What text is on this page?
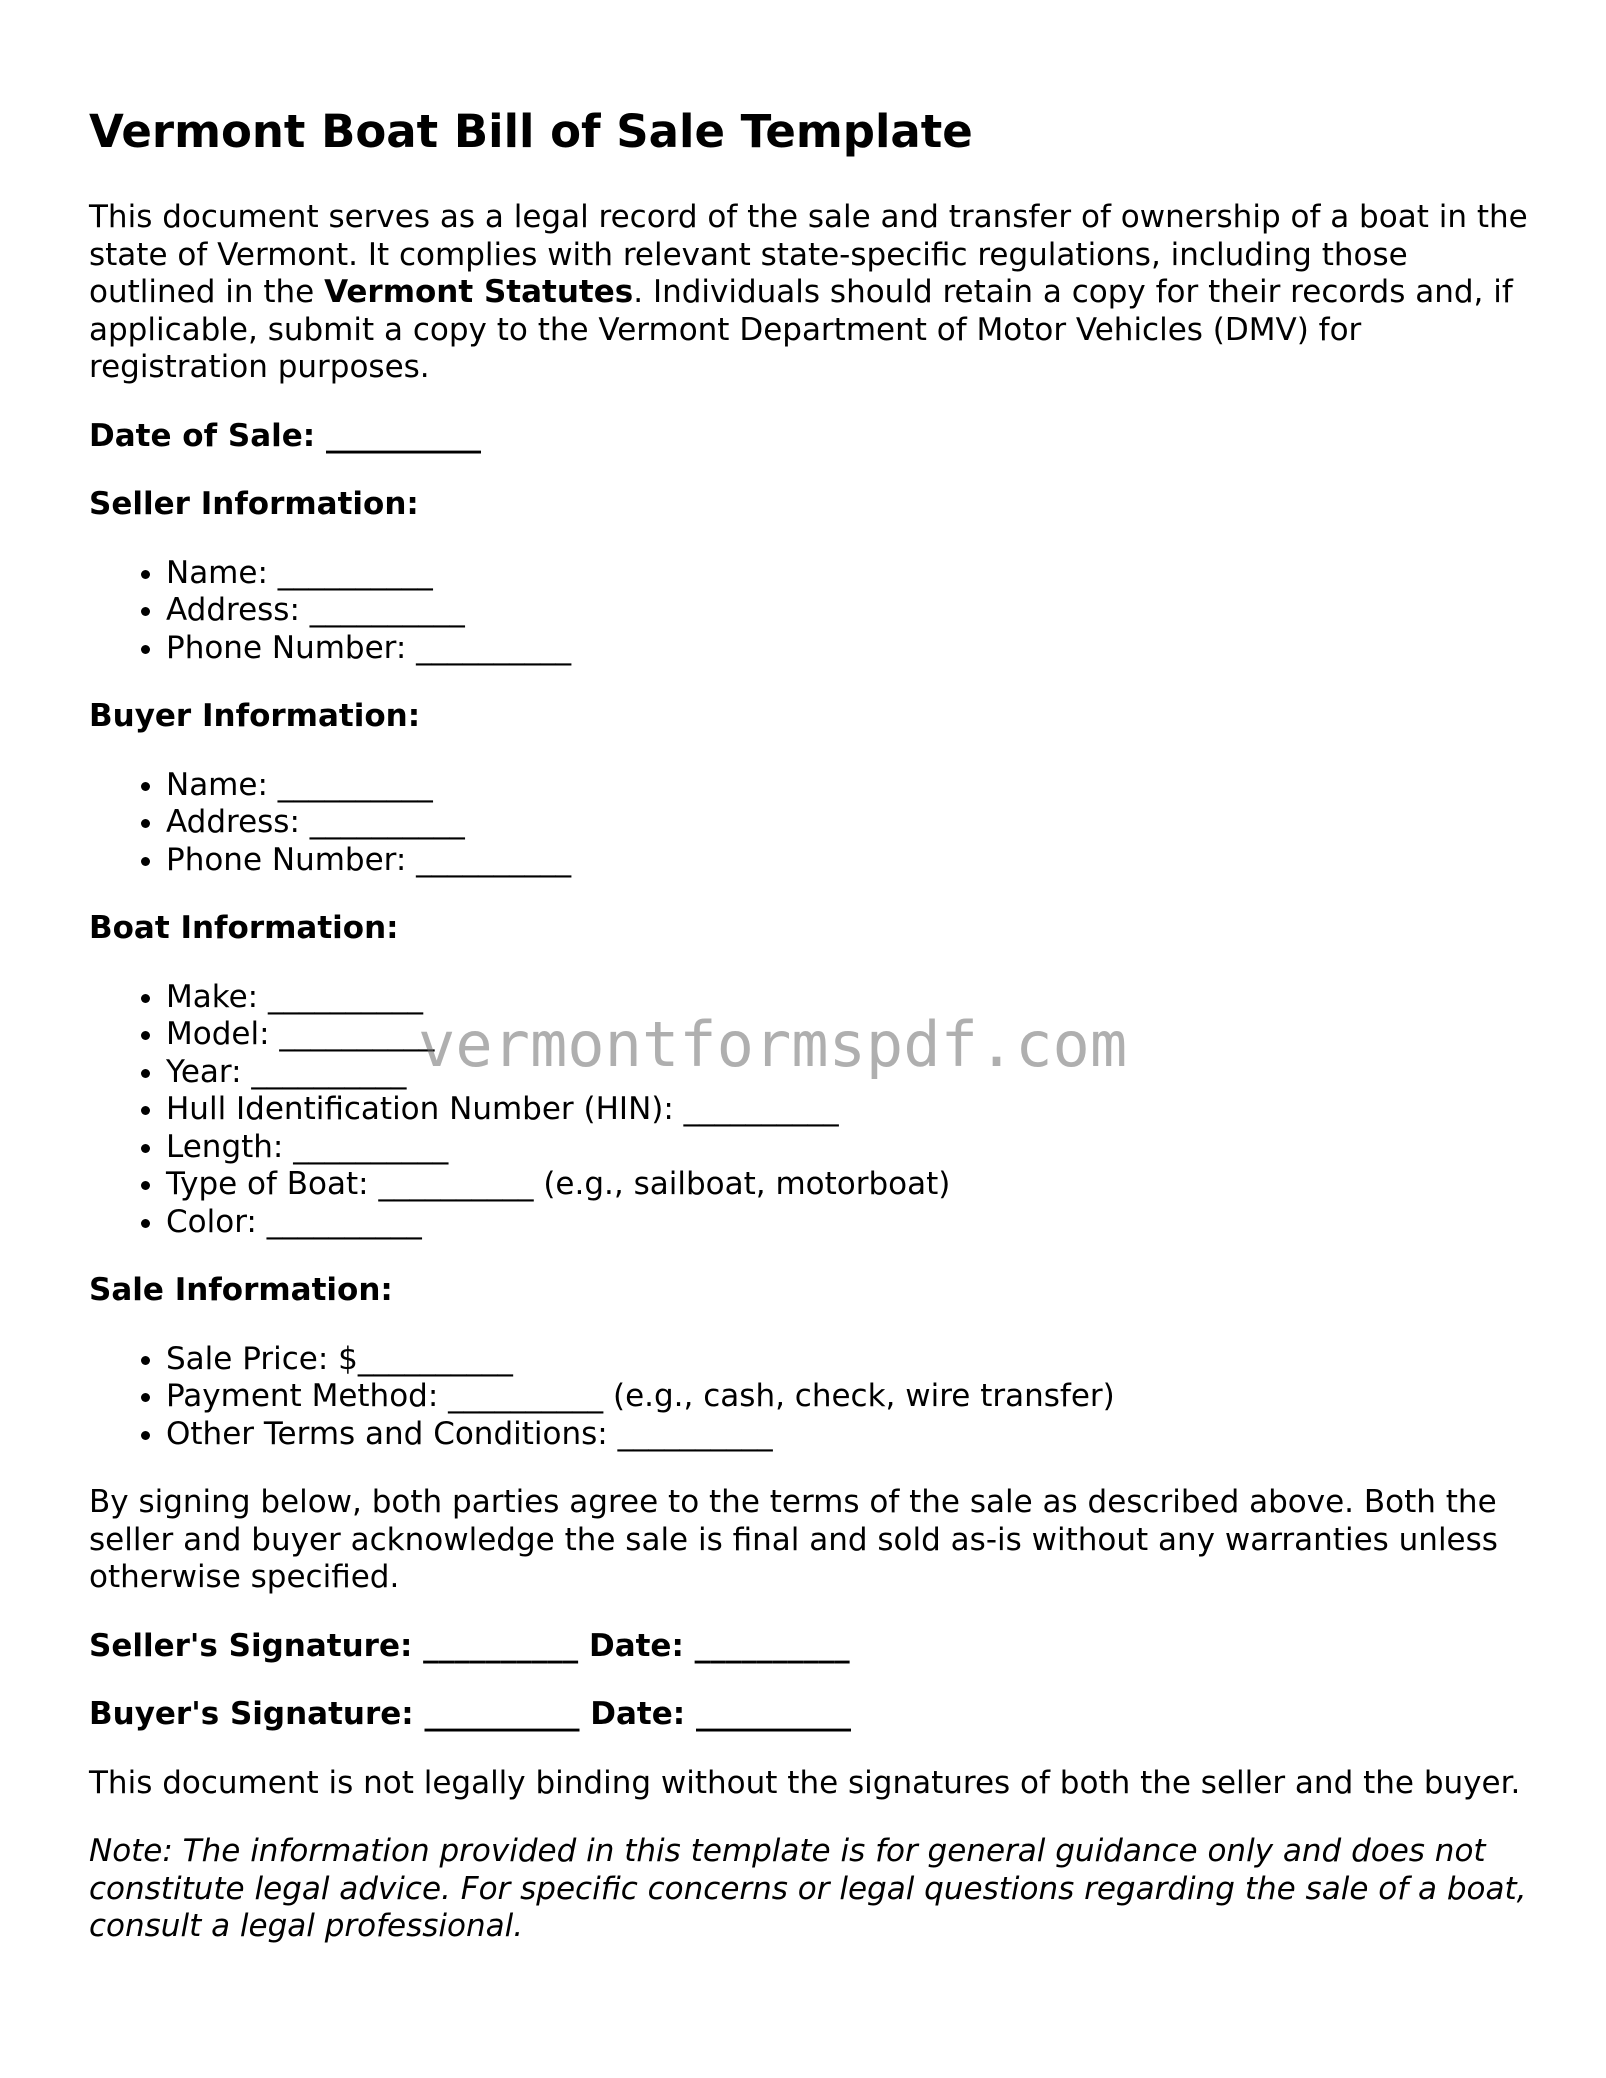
Vermont Boat Bill of Sale Template

This document serves as a legal record of the sale and transfer of ownership of a boat in the state of Vermont. It complies with relevant state-specific regulations, including those outlined in the Vermont Statutes. Individuals should retain a copy for their records and, if applicable, submit a copy to the Vermont Department of Motor Vehicles (DMV) for registration purposes.

Date of Sale: __________
Seller Information:
• Name: __________
• Address: __________
• Phone Number: __________
Buyer Information:
• Name: __________
• Address: __________
• Phone Number: __________
Boat Information:
• Make: __________
• Model: __________
• Year: __________
• Hull Identification Number (HIN): __________
• Length: __________
• Type of Boat: __________ (e.g., sailboat, motorboat)
• Color: __________
Sale Information:
• Sale Price: $__________
• Payment Method: __________ (e.g., cash, check, wire transfer)
• Other Terms and Conditions: __________

By signing below, both parties agree to the terms of the sale as described above. Both the seller and buyer acknowledge the sale is final and sold as-is without any warranties unless otherwise specified.

Seller's Signature: __________ Date: __________
Buyer's Signature: __________ Date: __________

This document is not legally binding without the signatures of both the seller and the buyer.

Note: The information provided in this template is for general guidance only and does not constitute legal advice. For specific concerns or legal questions regarding the sale of a boat, consult a legal professional.

vermontformspdf.com
